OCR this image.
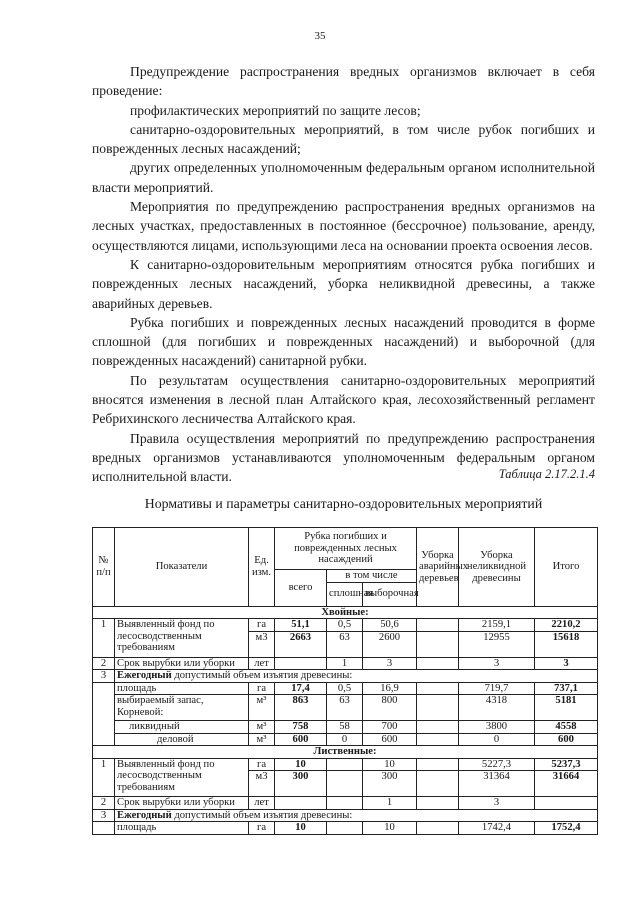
35

Предупреждение распространения вредных организмов включает в себя проведение:

профилактических мероприятий по защите лесов;

санитарно-оздоровительных мероприятий, в том числе рубок погибших и поврежденных лесных насаждений;

других определенных уполномоченным федеральным органом исполнительной власти мероприятий.

Мероприятия по предупреждению распространения вредных организмов на лесных участках, предоставленных в постоянное (бессрочное) пользование, аренду, осуществляются лицами, использующими леса на основании проекта освоения лесов.

К санитарно-оздоровительным мероприятиям относятся рубка погибших и поврежденных лесных насаждений, уборка неликвидной древесины, а также аварийных деревьев.

Рубка погибших и поврежденных лесных насаждений проводится в форме сплошной (для погибших и поврежденных насаждений) и выборочной (для поврежденных насаждений) санитарной рубки.

По результатам осуществления санитарно-оздоровительных мероприятий вносятся изменения в лесной план Алтайского края, лесохозяйственный регламент Ребрихинского лесничества Алтайского края.

Правила осуществления мероприятий по предупреждению распространения вредных организмов устанавливаются уполномоченным федеральным органом исполнительной власти.	Таблица 2.17.2.1.4
Нормативы и параметры санитарно-оздоровительных мероприятий
№ п/п	Показатели	Ед. изм.	Рубка погибших и поврежденных лесных насаждений			Уборка аварийных деревьев	Уборка неликвидной древесины	Итого
			всего	в том числе				
				сплошная	выборочная			
Хвойные:								
1	Выявленный фонд по лесосводственным требованиям	га	51,1	0,5	50,6		2159,1	2210,2
		м3	2663	63	2600		12955	15618
2	Срок вырубки или уборки	лет		1	3		3	3
3	Ежегодный допустимый объем изъятия древесины:							
	площадь	га	17,4	0,5	16,9		719,7	737,1
	выбираемый запас, Корневой:	м³	863	63	800		4318	5181
	ликвидный	м³	758	58	700		3800	4558
	деловой	м³	600	0	600		0	600
Лиственные:								
1	Выявленный фонд по лесосводственным требованиям	га	10		10		5227,3	5237,3
		м3	300		300		31364	31664
2	Срок вырубки или уборки	лет			1		3	
3	Ежегодный допустимый объем изъятия древесины:							
	площадь	га	10		10		1742,4	1752,4
